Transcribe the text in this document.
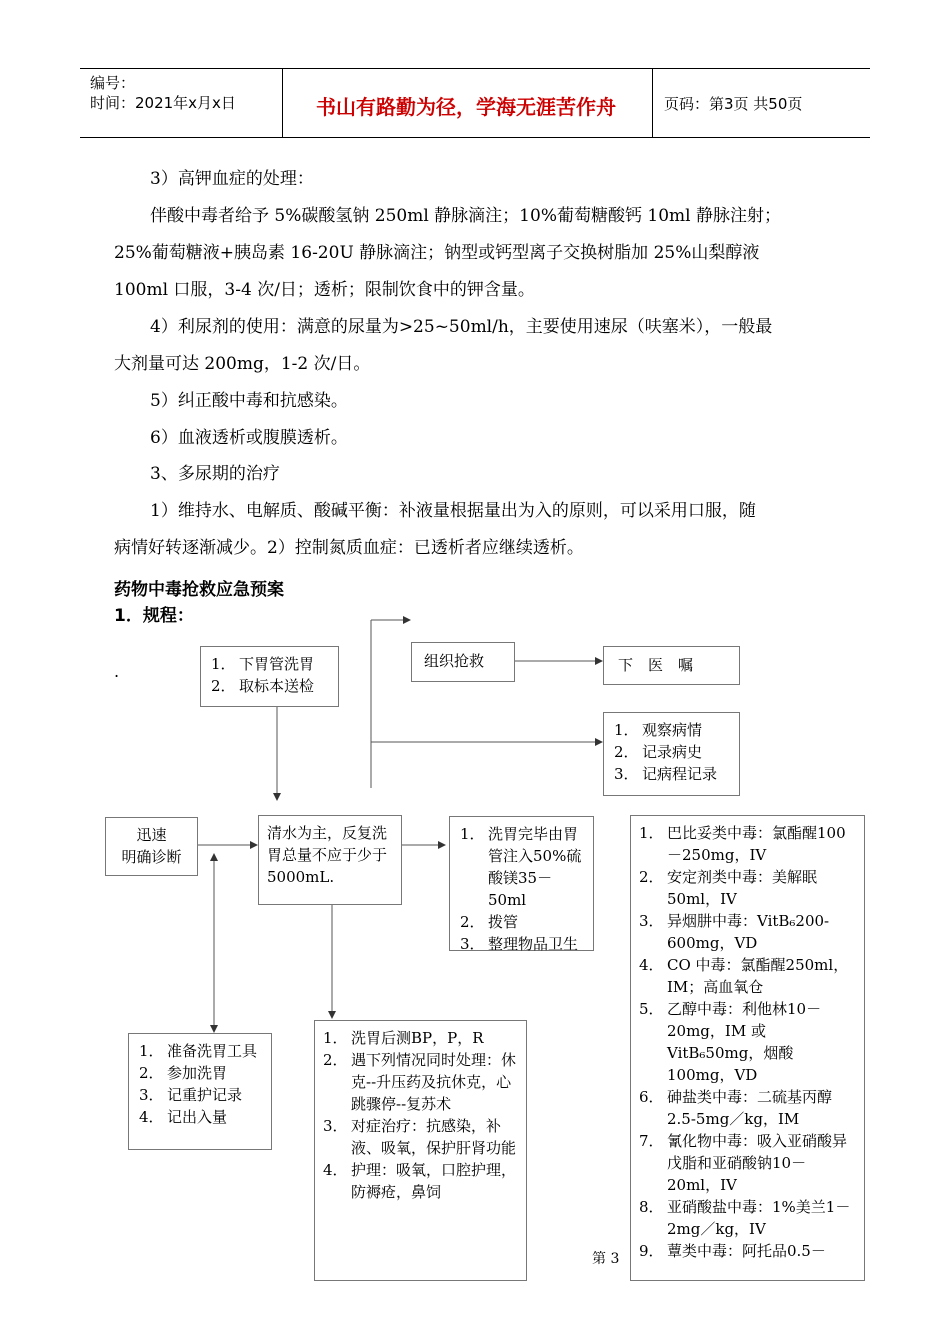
编号：
时间：2021年x月x日	书山有路勤为径，学海无涯苦作舟	页码：第3页 共50页
3）高钾血症的处理：
伴酸中毒者给予 5%碳酸氢钠 250ml 静脉滴注；10%葡萄糖酸钙 10ml 静脉注射；
25%葡萄糖液+胰岛素 16-20U 静脉滴注；钠型或钙型离子交换树脂加 25%山梨醇液
100ml 口服，3-4 次/日；透析；限制饮食中的钾含量。
4）利尿剂的使用：满意的尿量为>25~50ml/h，主要使用速尿（呋塞米），一般最
大剂量可达 200mg，1-2 次/日。
5）纠正酸中毒和抗感染。
6）血液透析或腹膜透析。
3、多尿期的治疗
1）维持水、电解质、酸碱平衡：补液量根据量出为入的原则，可以采用口服，随
病情好转逐渐减少。2）控制氮质血症：已透析者应继续透析。
药物中毒抢救应急预案
1．规程：
.	1． 下胃管洗胃
2． 取标本送检
组织抢救	下　医　嘱
1． 观察病情
2． 记录病史
3． 记病程记录
迅速
明确诊断
清水为主，反复洗胃总量不应于少于5000mL.
1． 洗胃完毕由胃管注入50%硫酸镁35－50ml
2． 拨管
3． 整理物品卫生
1． 准备洗胃工具
2． 参加洗胃
3． 记重护记录
4． 记出入量
1． 洗胃后测BP，P，R
2． 遇下列情况同时处理：休克--升压药及抗休克，心跳骤停--复苏术
3． 对症治疗：抗感染，补液、吸氧，保护肝肾功能
4． 护理：吸氧，口腔护理，防褥疮，鼻饲
1． 巴比妥类中毒：氯酯醒100－250mg，IV
2． 安定剂类中毒：美解眠50ml，IV
3． 异烟肼中毒：VitB₆200-600mg，VD
4． CO 中毒：氯酯醒250ml，IM；高血氧仓
5． 乙醇中毒：利他林10－20mg，IM 或 VitB₆50mg，烟酸100mg，VD
6． 砷盐类中毒：二硫基丙醇2.5-5mg／kg，IM
7． 氰化物中毒：吸入亚硝酸异戊脂和亚硝酸钠10－20ml，IV
8． 亚硝酸盐中毒：1%美兰1－2mg／kg，IV
9． 蕈类中毒：阿托品0.5－
第 3
